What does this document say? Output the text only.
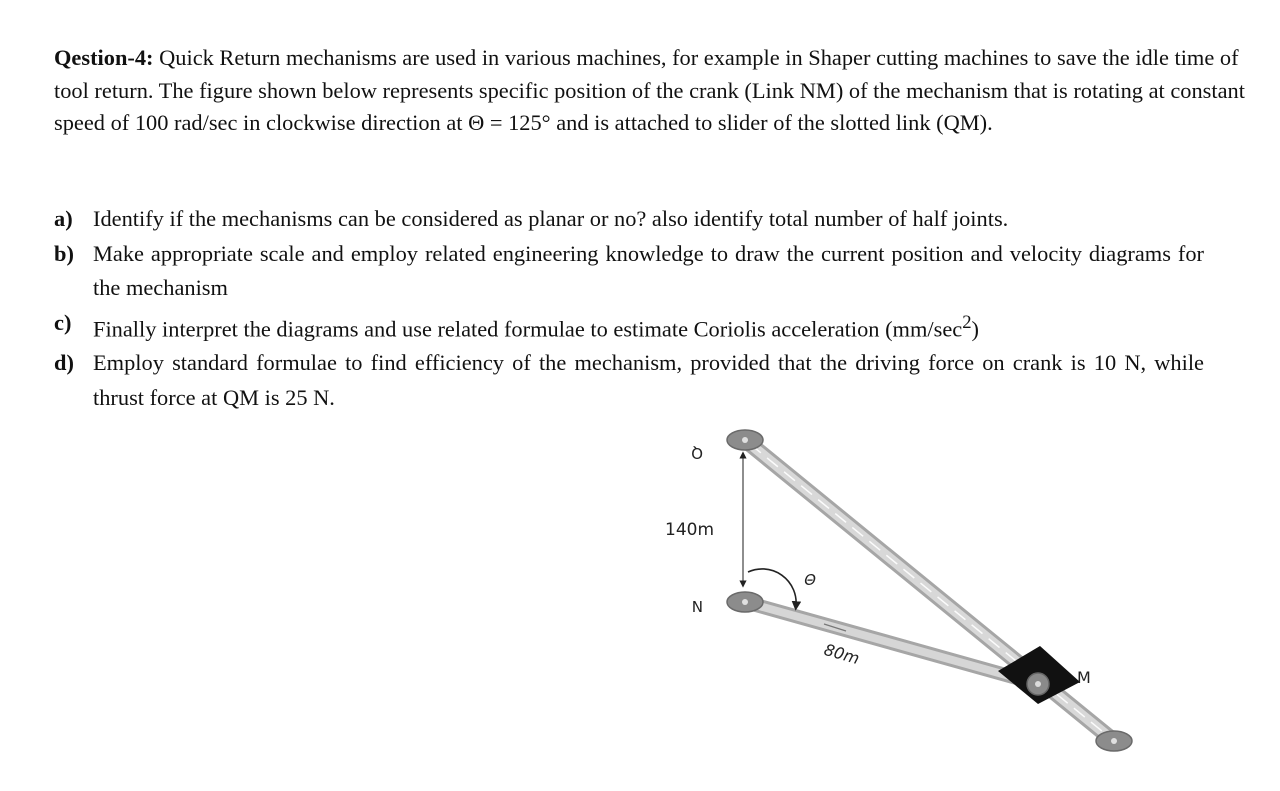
Qestion-4: Quick Return mechanisms are used in various machines, for example in Shaper cutting machines to save the idle time of tool return. The figure shown below represents specific position of the crank (Link NM) of the mechanism that is rotating at constant speed of 100 rad/sec in clockwise direction at Θ = 125° and is attached to slider of the slotted link (QM).

a) Identify if the mechanisms can be considered as planar or no? also identify total number of half joints.
b) Make appropriate scale and employ related engineering knowledge to draw the current position and velocity diagrams for the mechanism
c) Finally interpret the diagrams and use related formulae to estimate Coriolis acceleration $(mm/\sec^2)$
d) Employ standard formulae to find efficiency of the mechanism, provided that the driving force on crank is 10 N, while thrust force at QM is 25 N.
Q
140m
Θ
N
80m
M
